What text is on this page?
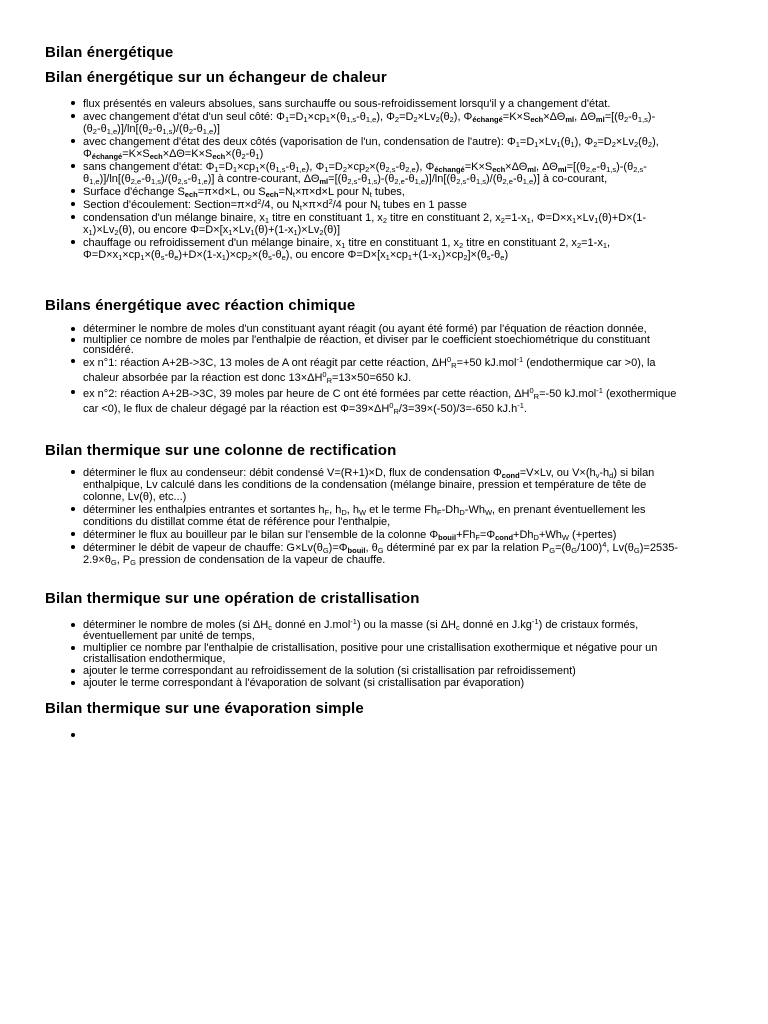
Bilan énergétique
Bilan énergétique sur un échangeur de chaleur
flux présentés en valeurs absolues, sans surchauffe ou sous-refroidissement lorsqu'il y a changement d'état.
avec changement d'état d'un seul côté: $\Phi_1=D_1\times cp_1\times(\theta_{1,s}-\theta_{1,e})$, $\Phi_2=D_2\times Lv_2(\theta_2)$, $\Phi_{échangé}=K\times S_{ech}\times\Delta\Theta_{ml}$, $\Delta\Theta_{ml}=[(\theta_2-\theta_{1,s})-$
$(\theta_2-\theta_{1,e})]/\ln[(\theta_2-\theta_{1,s})/(\theta_2-\theta_{1,e})]$
avec changement d'état des deux côtés (vaporisation de l'un, condensation de l'autre): $\Phi_1=D_1\times Lv_1(\theta_1)$, $\Phi_2=D_2\times Lv_2(\theta_2)$,
$\Phi_{échangé}=K\times S_{ech}\times\Delta\Theta=K\times S_{ech}\times(\theta_2-\theta_1)$
sans changement d'état: $\Phi_1=D_1\times cp_1\times(\theta_{1,s}-\theta_{1,e})$, $\Phi_1=D_2\times cp_2\times(\theta_{2,s}-\theta_{2,e})$, $\Phi_{échangé}=K\times S_{ech}\times\Delta\Theta_{ml}$, $\Delta\Theta_{ml}=[(\theta_{2,e}-\theta_{1,s})-(\theta_{2,s}-$
$\theta_{1,e})]/\ln[(\theta_{2,e}-\theta_{1,s})/(\theta_{2,s}-\theta_{1,e})]$ à contre-courant, $\Delta\Theta_{ml}=[(\theta_{2,s}-\theta_{1,s})-(\theta_{2,e}-\theta_{1,e})]/\ln[(\theta_{2,s}-\theta_{1,s})/(\theta_{2,e}-\theta_{1,e})]$ à co-courant,
Surface d'échange $S_{ech}=\pi\times d\times L$, ou $S_{ech}=N_t\times\pi\times d\times L$ pour $N_t$ tubes,
Section d'écoulement: $Section=\pi\times d^2/4$, ou $N_t\times\pi\times d^2/4$ pour $N_t$ tubes en 1 passe
condensation d'un mélange binaire, $x_1$ titre en constituant 1, $x_2$ titre en constituant 2, $x_2=1-x_1$, $\Phi=D\times x_1\times Lv_1(\theta)+D\times(1-$
$x_1)\times Lv_2(\theta)$, ou encore $\Phi=D\times[x_1\times Lv_1(\theta)+(1-x_1)\times Lv_2(\theta)]$
chauffage ou refroidissement d'un mélange binaire, $x_1$ titre en constituant 1, $x_2$ titre en constituant 2, $x_2=1-x_1$,
$\Phi=D\times x_1\times cp_1\times(\theta_s-\theta_e)+D\times(1-x_1)\times cp_2\times(\theta_s-\theta_e)$, ou encore $\Phi=D\times[x_1\times cp_1+(1-x_1)\times cp_2]\times(\theta_s-\theta_e)$
Bilans énergétique avec réaction chimique
déterminer le nombre de moles d'un constituant ayant réagit (ou ayant été formé) par l'équation de réaction donnée,
multiplier ce nombre de moles par l'enthalpie de réaction, et diviser par le coefficient stoechiométrique du constituant
considéré.
ex n°1: réaction A+2B->3C, 13 moles de A ont réagit par cette réaction, $\Delta H^0_R=+50$ kJ.mol$^{-1}$ (endothermique car >0), la
chaleur absorbée par la réaction est donc $13\times\Delta H^0_R=13\times 50=650$ kJ.
ex n°2: réaction A+2B->3C, 39 moles par heure de C ont été formées par cette réaction, $\Delta H^0_R=-50$ kJ.mol$^{-1}$ (exothermique
car <0), le flux de chaleur dégagé par la réaction est $\Phi=39\times\Delta H^0_R/3=39\times(-50)/3=-650$ $kJ.h^{-1}$.
Bilan thermique sur une colonne de rectification
déterminer le flux au condenseur: débit condensé V=(R+1)×D, flux de condensation $\Phi_{cond}=V\times Lv$, ou $V\times(h_v-h_d)$ si bilan
enthalpique, Lv calculé dans les conditions de la condensation (mélange binaire, pression et température de tête de
colonne, Lv(θ), etc...)
déterminer les enthalpies entrantes et sortantes $h_F$, $h_D$, $h_W$ et le terme $Fh_F-Dh_D-Wh_W$, en prenant éventuellement les
conditions du distillat comme état de référence pour l'enthalpie,
déterminer le flux au bouilleur par le bilan sur l'ensemble de la colonne $\Phi_{bouil}+Fh_F=\Phi_{cond}+Dh_D+Wh_W$ (+pertes)
déterminer le débit de vapeur de chauffe: $G\times Lv(\theta_G)=\Phi_{bouil}$, $\theta_G$ déterminé par ex par la relation $P_G=(\theta_G/100)^4$, $Lv(\theta_G)=2535-$
$2.9\times\theta_G$, $P_G$ pression de condensation de la vapeur de chauffe.
Bilan thermique sur une opération de cristallisation
déterminer le nombre de moles (si $\Delta H_c$ donné en J.mol$^{-1}$) ou la masse (si $\Delta H_c$ donné en $J.kg^{-1}$) de cristaux formés,
éventuellement par unité de temps,
multiplier ce nombre par l'enthalpie de cristallisation, positive pour une cristallisation exothermique et négative pour un
cristallisation endothermique,
ajouter le terme correspondant au refroidissement de la solution (si cristallisation par refroidissement)
ajouter le terme correspondant à l'évaporation de solvant (si cristallisation par évaporation)
Bilan thermique sur une évaporation simple
